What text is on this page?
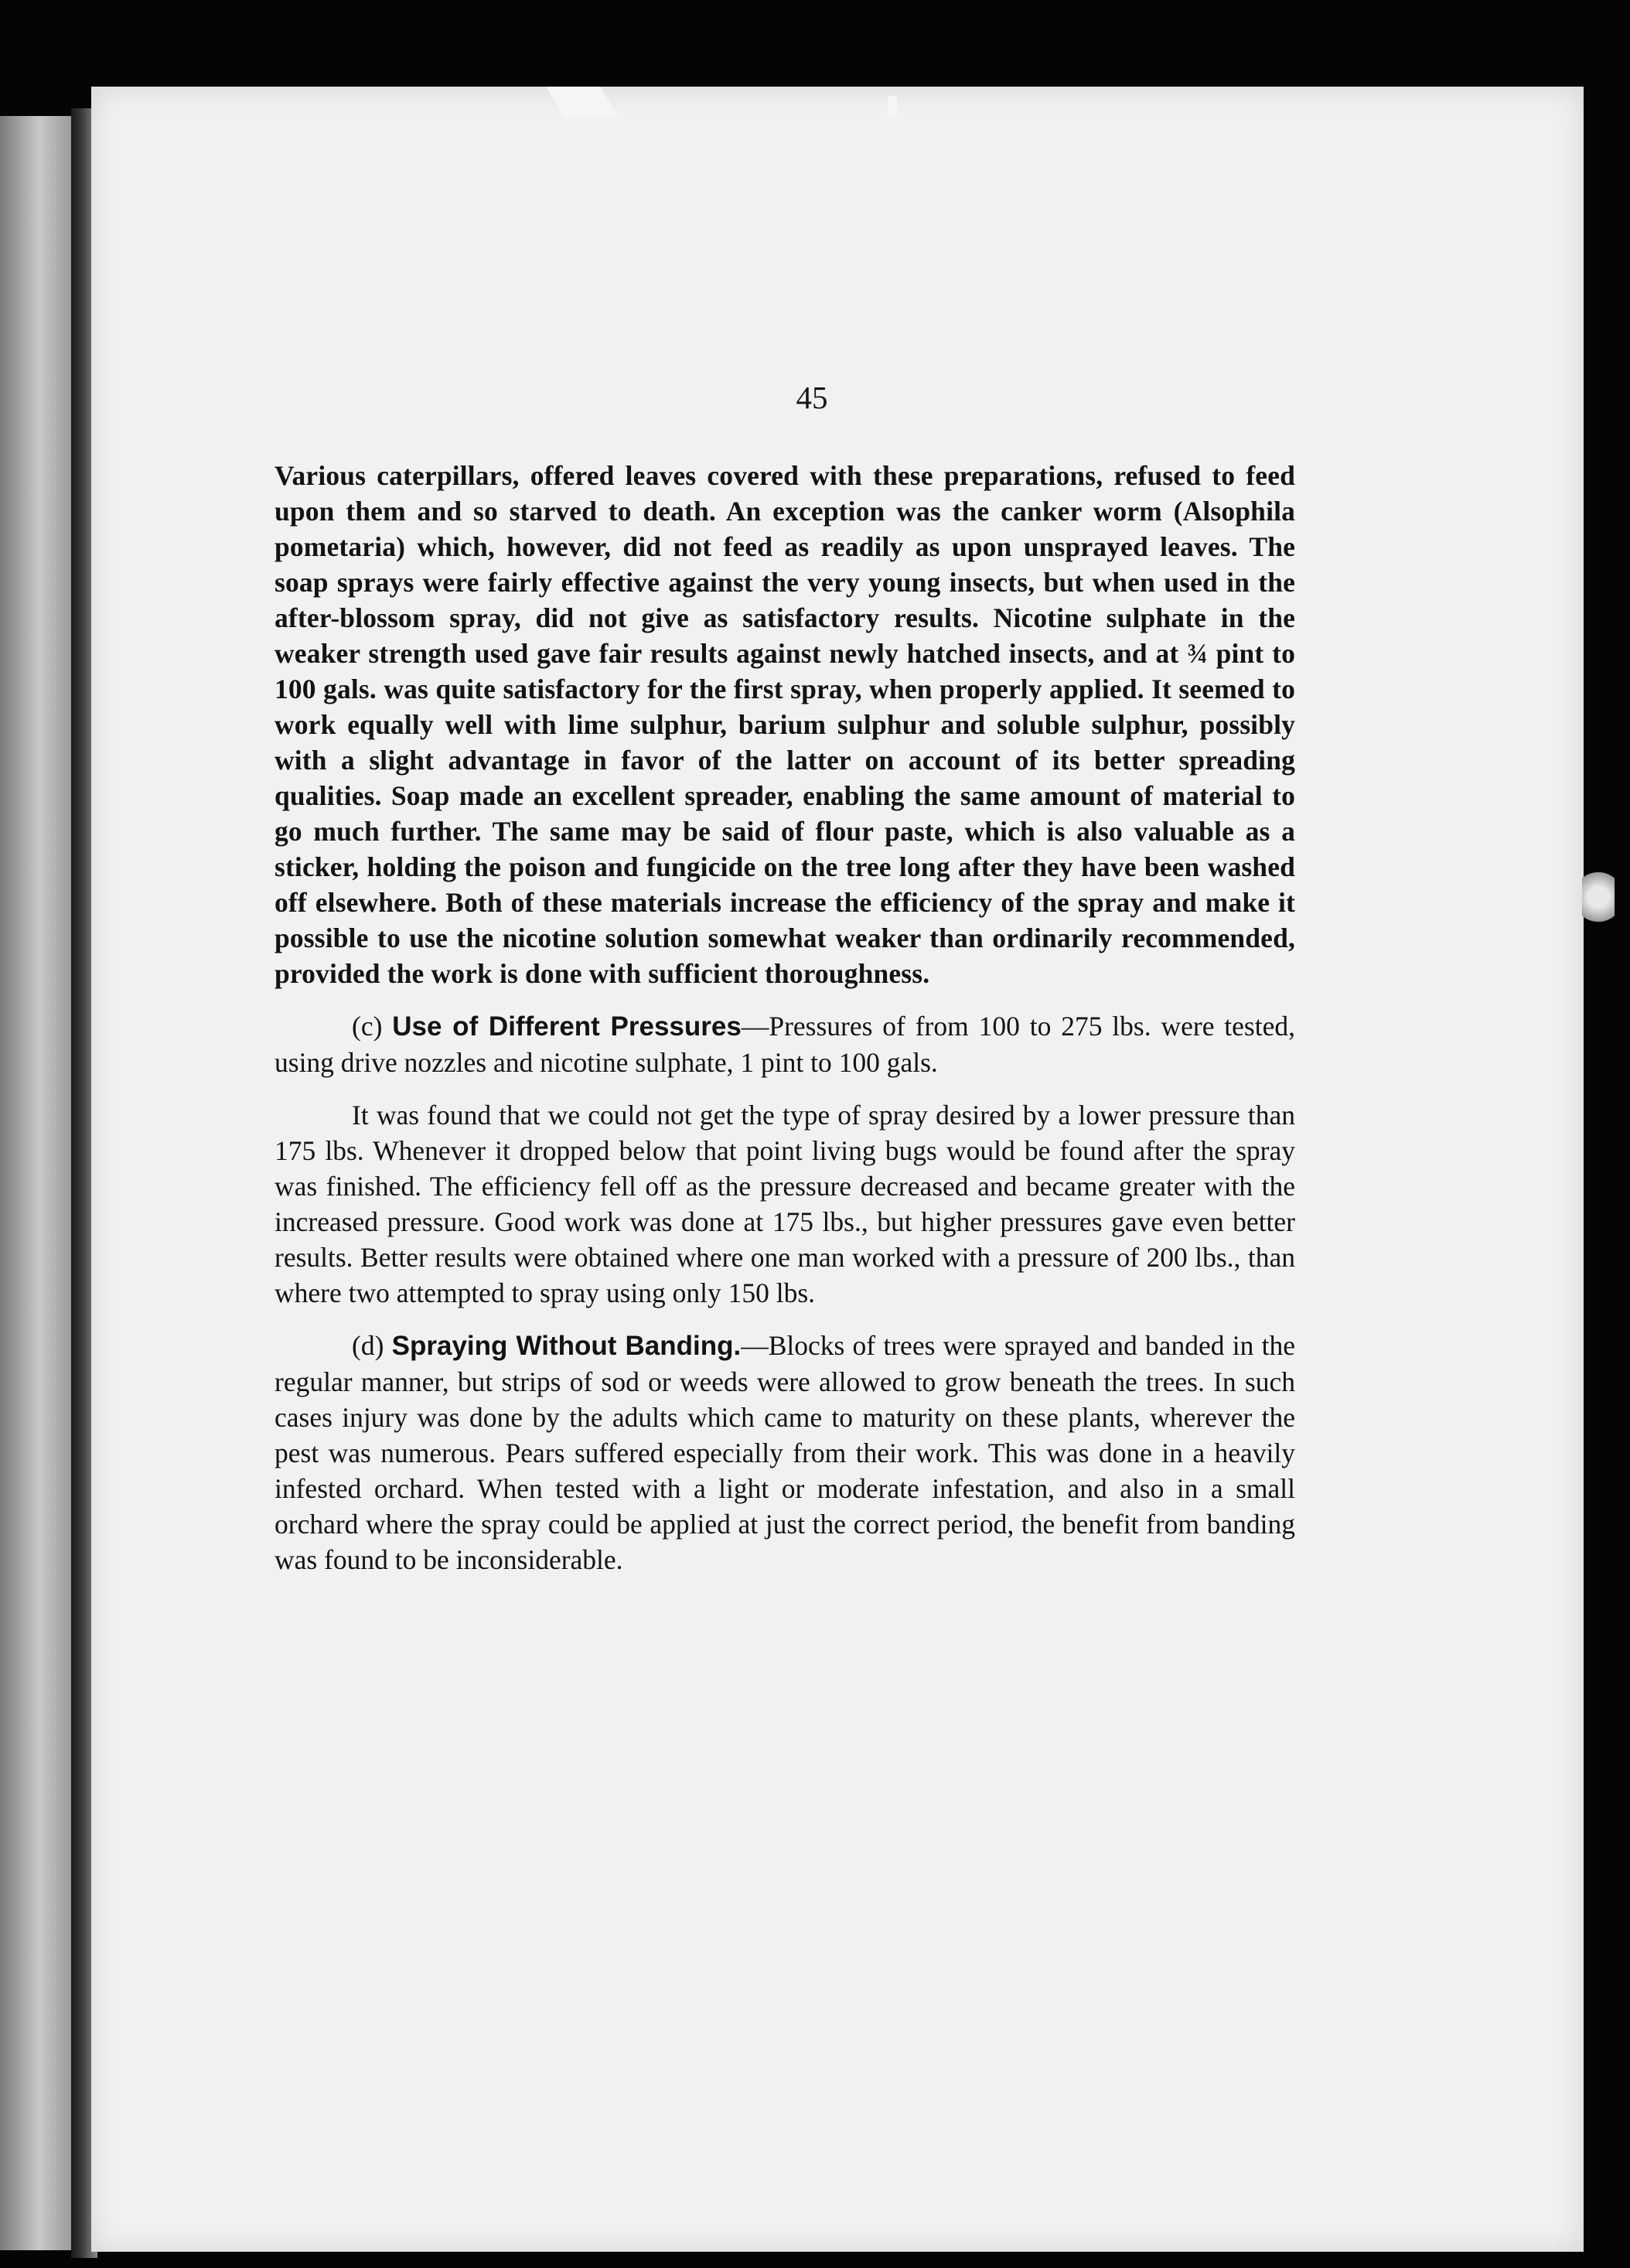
45

Various caterpillars, offered leaves covered with these preparations, refused to feed upon them and so starved to death. An exception was the canker worm (Alsophila pometaria) which, however, did not feed as readily as upon unsprayed leaves. The soap sprays were fairly effective against the very young insects, but when used in the after-blossom spray, did not give as satisfactory results. Nicotine sulphate in the weaker strength used gave fair results against newly hatched insects, and at ¾ pint to 100 gals. was quite satisfactory for the first spray, when properly applied. It seemed to work equally well with lime sulphur, barium sulphur and soluble sulphur, possibly with a slight advantage in favor of the latter on account of its better spreading qualities. Soap made an excellent spreader, enabling the same amount of material to go much further. The same may be said of flour paste, which is also valuable as a sticker, holding the poison and fungicide on the tree long after they have been washed off elsewhere. Both of these materials increase the efficiency of the spray and make it possible to use the nicotine solution somewhat weaker than ordinarily recommended, provided the work is done with sufficient thoroughness.

(c) Use of Different Pressures—Pressures of from 100 to 275 lbs. were tested, using drive nozzles and nicotine sulphate, 1 pint to 100 gals.

It was found that we could not get the type of spray desired by a lower pressure than 175 lbs. Whenever it dropped below that point living bugs would be found after the spray was finished. The efficiency fell off as the pressure decreased and became greater with the increased pressure. Good work was done at 175 lbs., but higher pressures gave even better results. Better results were obtained where one man worked with a pressure of 200 lbs., than where two attempted to spray using only 150 lbs.

(d) Spraying Without Banding.—Blocks of trees were sprayed and banded in the regular manner, but strips of sod or weeds were allowed to grow beneath the trees. In such cases injury was done by the adults which came to maturity on these plants, wherever the pest was numerous. Pears suffered especially from their work. This was done in a heavily infested orchard. When tested with a light or moderate infestation, and also in a small orchard where the spray could be applied at just the correct period, the benefit from banding was found to be inconsiderable.
